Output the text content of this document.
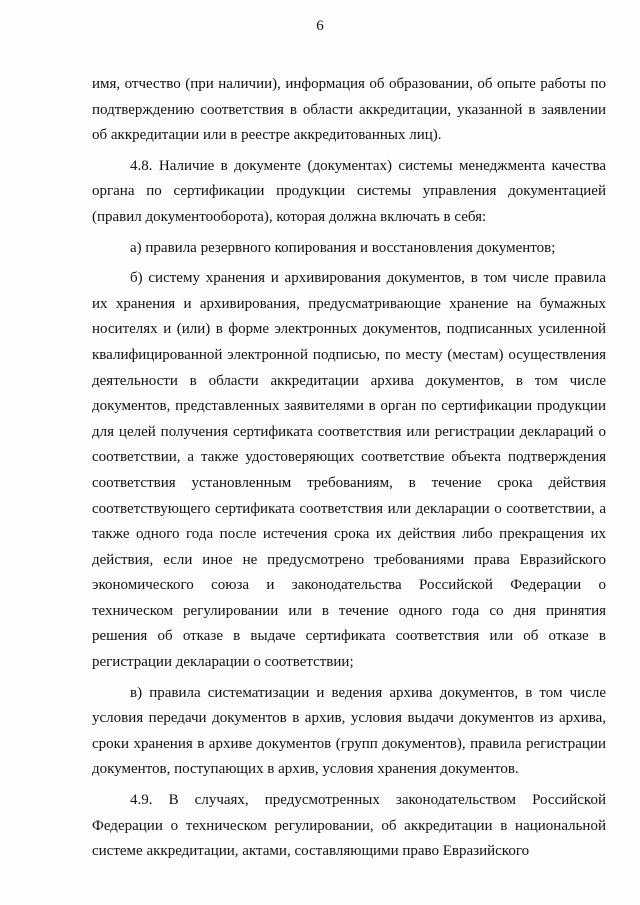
6

имя, отчество (при наличии), информация об образовании, об опыте работы по подтверждению соответствия в области аккредитации, указанной в заявлении об аккредитации или в реестре аккредитованных лиц).

4.8. Наличие в документе (документах) системы менеджмента качества органа по сертификации продукции системы управления документацией (правил документооборота), которая должна включать в себя:

а) правила резервного копирования и восстановления документов;

б) систему хранения и архивирования документов, в том числе правила их хранения и архивирования, предусматривающие хранение на бумажных носителях и (или) в форме электронных документов, подписанных усиленной квалифицированной электронной подписью, по месту (местам) осуществления деятельности в области аккредитации архива документов, в том числе документов, представленных заявителями в орган по сертификации продукции для целей получения сертификата соответствия или регистрации деклараций о соответствии, а также удостоверяющих соответствие объекта подтверждения соответствия установленным требованиям, в течение срока действия соответствующего сертификата соответствия или декларации о соответствии, а также одного года после истечения срока их действия либо прекращения их действия, если иное не предусмотрено требованиями права Евразийского экономического союза и законодательства Российской Федерации о техническом регулировании или в течение одного года со дня принятия решения об отказе в выдаче сертификата соответствия или об отказе в регистрации декларации о соответствии;

в) правила систематизации и ведения архива документов, в том числе условия передачи документов в архив, условия выдачи документов из архива, сроки хранения в архиве документов (групп документов), правила регистрации документов, поступающих в архив, условия хранения документов.

4.9. В случаях, предусмотренных законодательством Российской Федерации о техническом регулировании, об аккредитации в национальной системе аккредитации, актами, составляющими право Евразийского
